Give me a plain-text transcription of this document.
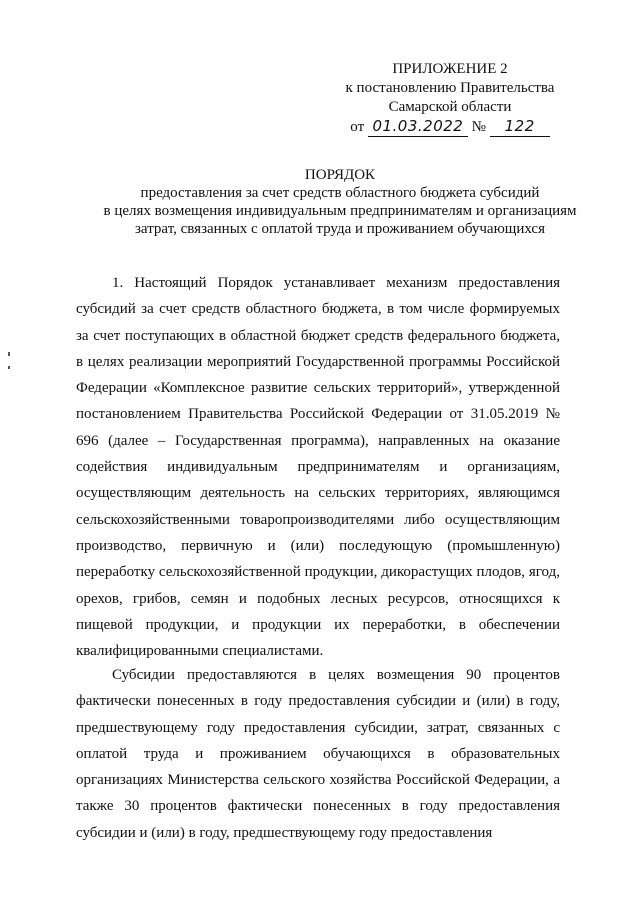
ПРИЛОЖЕНИЕ 2
к постановлению Правительства
Самарской области
от 01.03.2022 № 122
ПОРЯДОК
предоставления за счет средств областного бюджета субсидий
в целях возмещения индивидуальным предпринимателям и организациям
затрат, связанных с оплатой труда и проживанием обучающихся

1. Настоящий Порядок устанавливает механизм предоставления субсидий за счет средств областного бюджета, в том числе формируемых за счет поступающих в областной бюджет средств федерального бюджета, в целях реализации мероприятий Государственной программы Российской Федерации «Комплексное развитие сельских территорий», утвержденной постановлением Правительства Российской Федерации от 31.05.2019 № 696 (далее – Государственная программа), направленных на оказание содействия индивидуальным предпринимателям и организациям, осуществляющим деятельность на сельских территориях, являющимся сельскохозяйственными товаропроизводителями либо осуществляющим производство, первичную и (или) последующую (промышленную) переработку сельскохозяйственной продукции, дикорастущих плодов, ягод, орехов, грибов, семян и подобных лесных ресурсов, относящихся к пищевой продукции, и продукции их переработки, в обеспечении квалифицированными специалистами.

Субсидии предоставляются в целях возмещения 90 процентов фактически понесенных в году предоставления субсидии и (или) в году, предшествующему году предоставления субсидии, затрат, связанных с оплатой труда и проживанием обучающихся в образовательных организациях Министерства сельского хозяйства Российской Федерации, а также 30 процентов фактически понесенных в году предоставления субсидии и (или) в году, предшествующему году предоставления
